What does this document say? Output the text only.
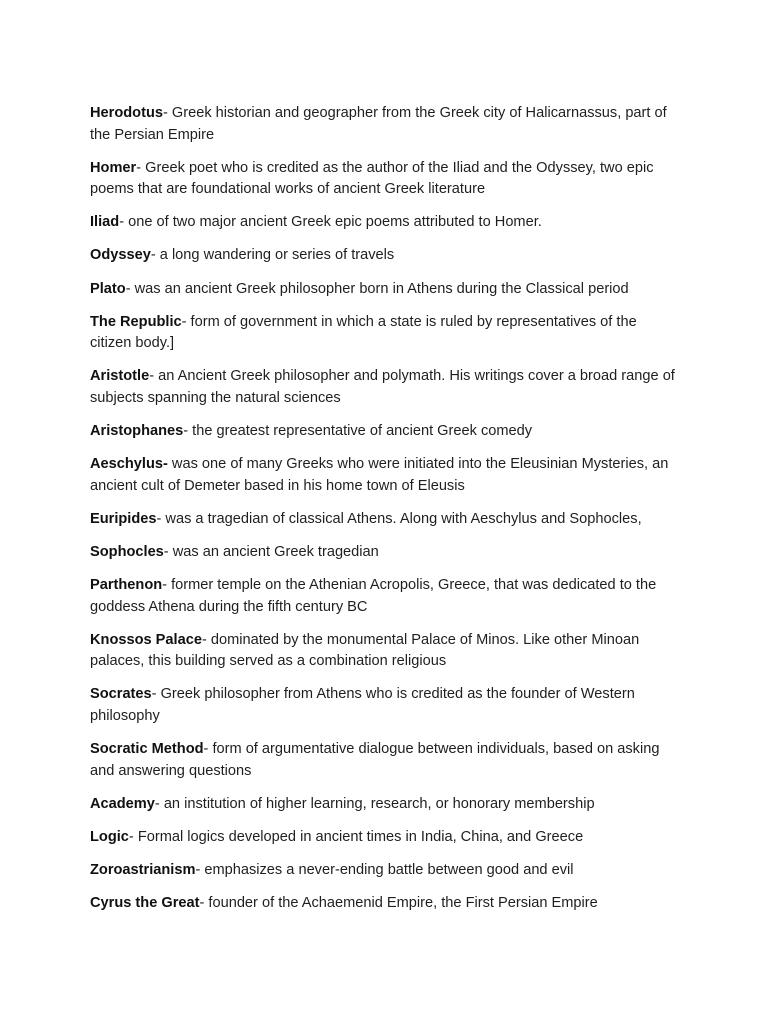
Herodotus- Greek historian and geographer from the Greek city of Halicarnassus, part of the Persian Empire

Homer- Greek poet who is credited as the author of the Iliad and the Odyssey, two epic poems that are foundational works of ancient Greek literature

Iliad- one of two major ancient Greek epic poems attributed to Homer.

Odyssey- a long wandering or series of travels

Plato- was an ancient Greek philosopher born in Athens during the Classical period

The Republic- form of government in which a state is ruled by representatives of the citizen body.]

Aristotle- an Ancient Greek philosopher and polymath. His writings cover a broad range of subjects spanning the natural sciences

Aristophanes- the greatest representative of ancient Greek comedy

Aeschylus- was one of many Greeks who were initiated into the Eleusinian Mysteries, an ancient cult of Demeter based in his home town of Eleusis

Euripides- was a tragedian of classical Athens. Along with Aeschylus and Sophocles,

Sophocles- was an ancient Greek tragedian

Parthenon- former temple on the Athenian Acropolis, Greece, that was dedicated to the goddess Athena during the fifth century BC

Knossos Palace- dominated by the monumental Palace of Minos. Like other Minoan palaces, this building served as a combination religious

Socrates- Greek philosopher from Athens who is credited as the founder of Western philosophy

Socratic Method- form of argumentative dialogue between individuals, based on asking and answering questions

Academy- an institution of higher learning, research, or honorary membership

Logic- Formal logics developed in ancient times in India, China, and Greece

Zoroastrianism- emphasizes a never-ending battle between good and evil

Cyrus the Great- founder of the Achaemenid Empire, the First Persian Empire
